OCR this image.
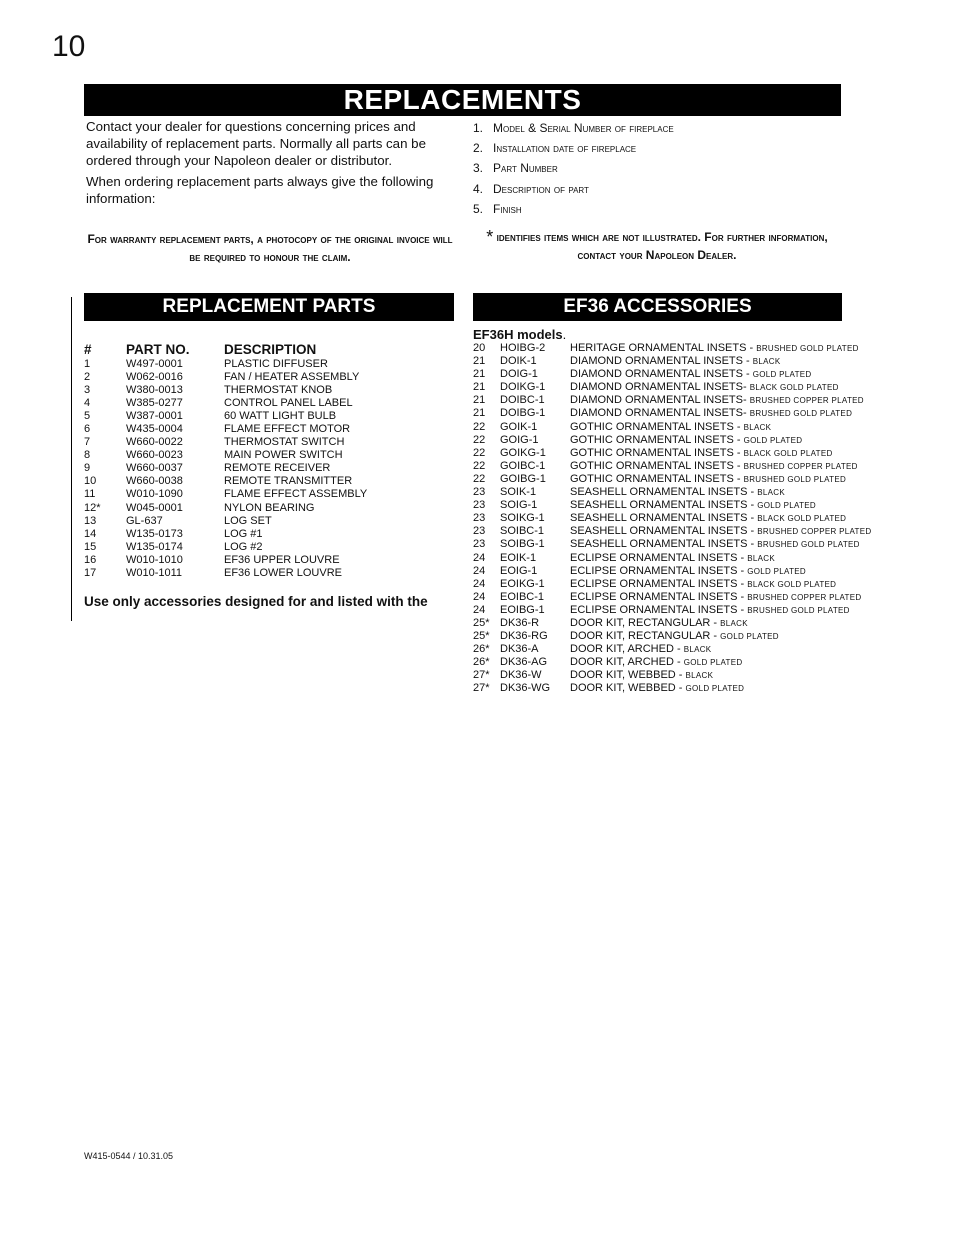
10
REPLACEMENTS

Contact your dealer for questions concerning prices and availability of replacement parts. Normally all parts can be ordered through your Napoleon dealer or distributor.

When ordering replacement parts always give the following information:

1. Model & Serial Number of fireplace
2. Installation date of fireplace
3. Part Number
4. Description of part
5. Finish
For warranty replacement parts, a photocopy of the original invoice will be required to honour the claim.
* identifies items which are not illustrated. For further information, contact your Napoleon Dealer.
REPLACEMENT PARTS	EF36 ACCESSORIES
#	PART NO.	DESCRIPTION
1	W497-0001	PLASTIC DIFFUSER
2	W062-0016	FAN / HEATER ASSEMBLY
3	W380-0013	THERMOSTAT KNOB
4	W385-0277	CONTROL PANEL LABEL
5	W387-0001	60 WATT LIGHT BULB
6	W435-0004	FLAME EFFECT MOTOR
7	W660-0022	THERMOSTAT SWITCH
8	W660-0023	MAIN POWER SWITCH
9	W660-0037	REMOTE RECEIVER
10	W660-0038	REMOTE TRANSMITTER
11	W010-1090	FLAME EFFECT ASSEMBLY
12* W045-0001	NYLON BEARING
13	GL-637	LOG SET
14	W135-0173	LOG #1
15	W135-0174	LOG #2
16	W010-1010	EF36 UPPER LOUVRE
17	W010-1011	EF36 LOWER LOUVRE
Use only accessories designed for and listed with the
EF36H models.
20 HOIBG-2 HERITAGE ORNAMENTAL INSETS - BRUSHED GOLD PLATED
21 DOIK-1	DIAMOND ORNAMENTAL INSETS - BLACK
21 DOIG-1	DIAMOND ORNAMENTAL INSETS - GOLD PLATED
21 DOIKG-1 DIAMOND ORNAMENTAL INSETS- BLACK GOLD PLATED
21 DOIBC-1 DIAMOND ORNAMENTAL INSETS- BRUSHED COPPER PLATED
21 DOIBG-1 DIAMOND ORNAMENTAL INSETS- BRUSHED GOLD PLATED
22 GOIK-1	GOTHIC ORNAMENTAL INSETS - BLACK
22 GOIG-1	GOTHIC ORNAMENTAL INSETS - GOLD PLATED
22 GOIKG-1 GOTHIC ORNAMENTAL INSETS - BLACK GOLD PLATED
22 GOIBC-1 GOTHIC ORNAMENTAL INSETS - BRUSHED COPPER PLATED
22 GOIBG-1 GOTHIC ORNAMENTAL INSETS - BRUSHED GOLD PLATED
23 SOIK-1	SEASHELL ORNAMENTAL INSETS - BLACK
23 SOIG-1	SEASHELL ORNAMENTAL INSETS - GOLD PLATED
23 SOIKG-1 SEASHELL ORNAMENTAL INSETS - BLACK GOLD PLATED
23 SOIBC-1 SEASHELL ORNAMENTAL INSETS - BRUSHED COPPER PLATED
23 SOIBG-1 SEASHELL ORNAMENTAL INSETS - BRUSHED GOLD PLATED
24 EOIK-1	ECLIPSE ORNAMENTAL INSETS - BLACK
24 EOIG-1	ECLIPSE ORNAMENTAL INSETS - GOLD PLATED
24 EOIKG-1 ECLIPSE ORNAMENTAL INSETS - BLACK GOLD PLATED
24 EOIBC-1 ECLIPSE ORNAMENTAL INSETS - BRUSHED COPPER PLATED
24 EOIBG-1 ECLIPSE ORNAMENTAL INSETS - BRUSHED GOLD PLATED
25* DK36-R	DOOR KIT, RECTANGULAR - BLACK
25* DK36-RG DOOR KIT, RECTANGULAR - GOLD PLATED
26* DK36-A	DOOR KIT, ARCHED - BLACK
26* DK36-AG DOOR KIT, ARCHED - GOLD PLATED
27* DK36-W	DOOR KIT, WEBBED - BLACK
27* DK36-WG DOOR KIT, WEBBED - GOLD PLATED
W415-0544 / 10.31.05
